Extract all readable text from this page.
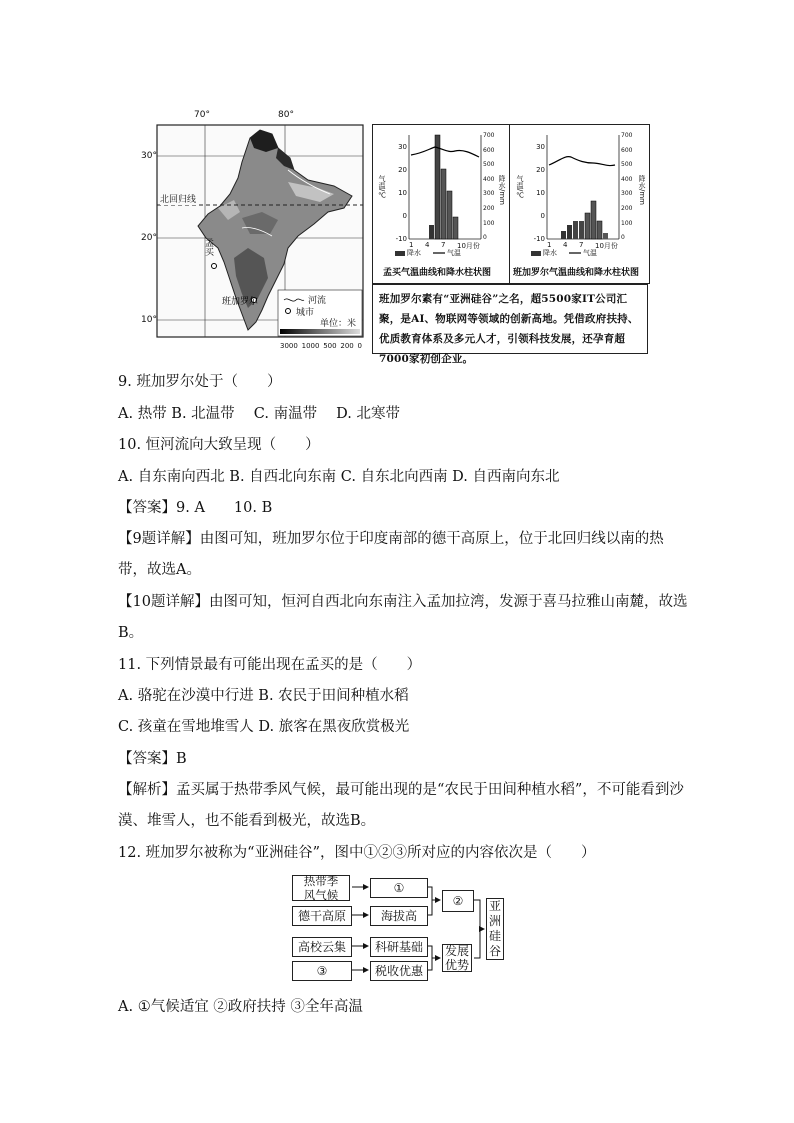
70°	80°
30°
20°
10°
北回归线
孟买
班加罗尔	河流
城市
单位：米
3000 1000 500 200 0
气温/℃	降水/mm
30
20
10
0
-10
700
600
500
400
300
200
100
0
1 4 7 10月份
降水	气温
孟买气温曲线和降水柱状图
气温/℃	降水/mm
30
20
10
0
-10
700
600
500
400
300
200
100
0
1 4 7 10月份
降水	气温
班加罗尔气温曲线和降水柱状图
班加罗尔素有“亚洲硅谷”之名，超5500家IT公司汇聚，是AI、物联网等领域的创新高地。凭借政府扶持、优质教育体系及多元人才，引领科技发展，还孕育超7000家初创企业。
9. 班加罗尔处于（　　）
A. 热带 B. 北温带　 C. 南温带　 D. 北寒带
10. 恒河流向大致呈现（　　）
A. 自东南向西北 B. 自西北向东南 C. 自东北向西南 D. 自西南向东北
【答案】9. A　　10. B
【9题详解】由图可知，班加罗尔位于印度南部的德干高原上，位于北回归线以南的热带，故选A。
【10题详解】由图可知，恒河自西北向东南注入孟加拉湾，发源于喜马拉雅山南麓，故选B。
11. 下列情景最有可能出现在孟买的是（　　）
A. 骆驼在沙漠中行进 B. 农民于田间种植水稻
C. 孩童在雪地堆雪人 D. 旅客在黑夜欣赏极光
【答案】B
【解析】孟买属于热带季风气候，最可能出现的是“农民于田间种植水稻”，不可能看到沙漠、堆雪人，也不能看到极光，故选B。
12. 班加罗尔被称为“亚洲硅谷”，图中①②③所对应的内容依次是（　　）
热带季风气候
德干高原
高校云集
③
①
海拔高
科研基础
税收优惠
②
发展优势
亚洲硅谷
A. ①气候适宜 ②政府扶持 ③全年高温
